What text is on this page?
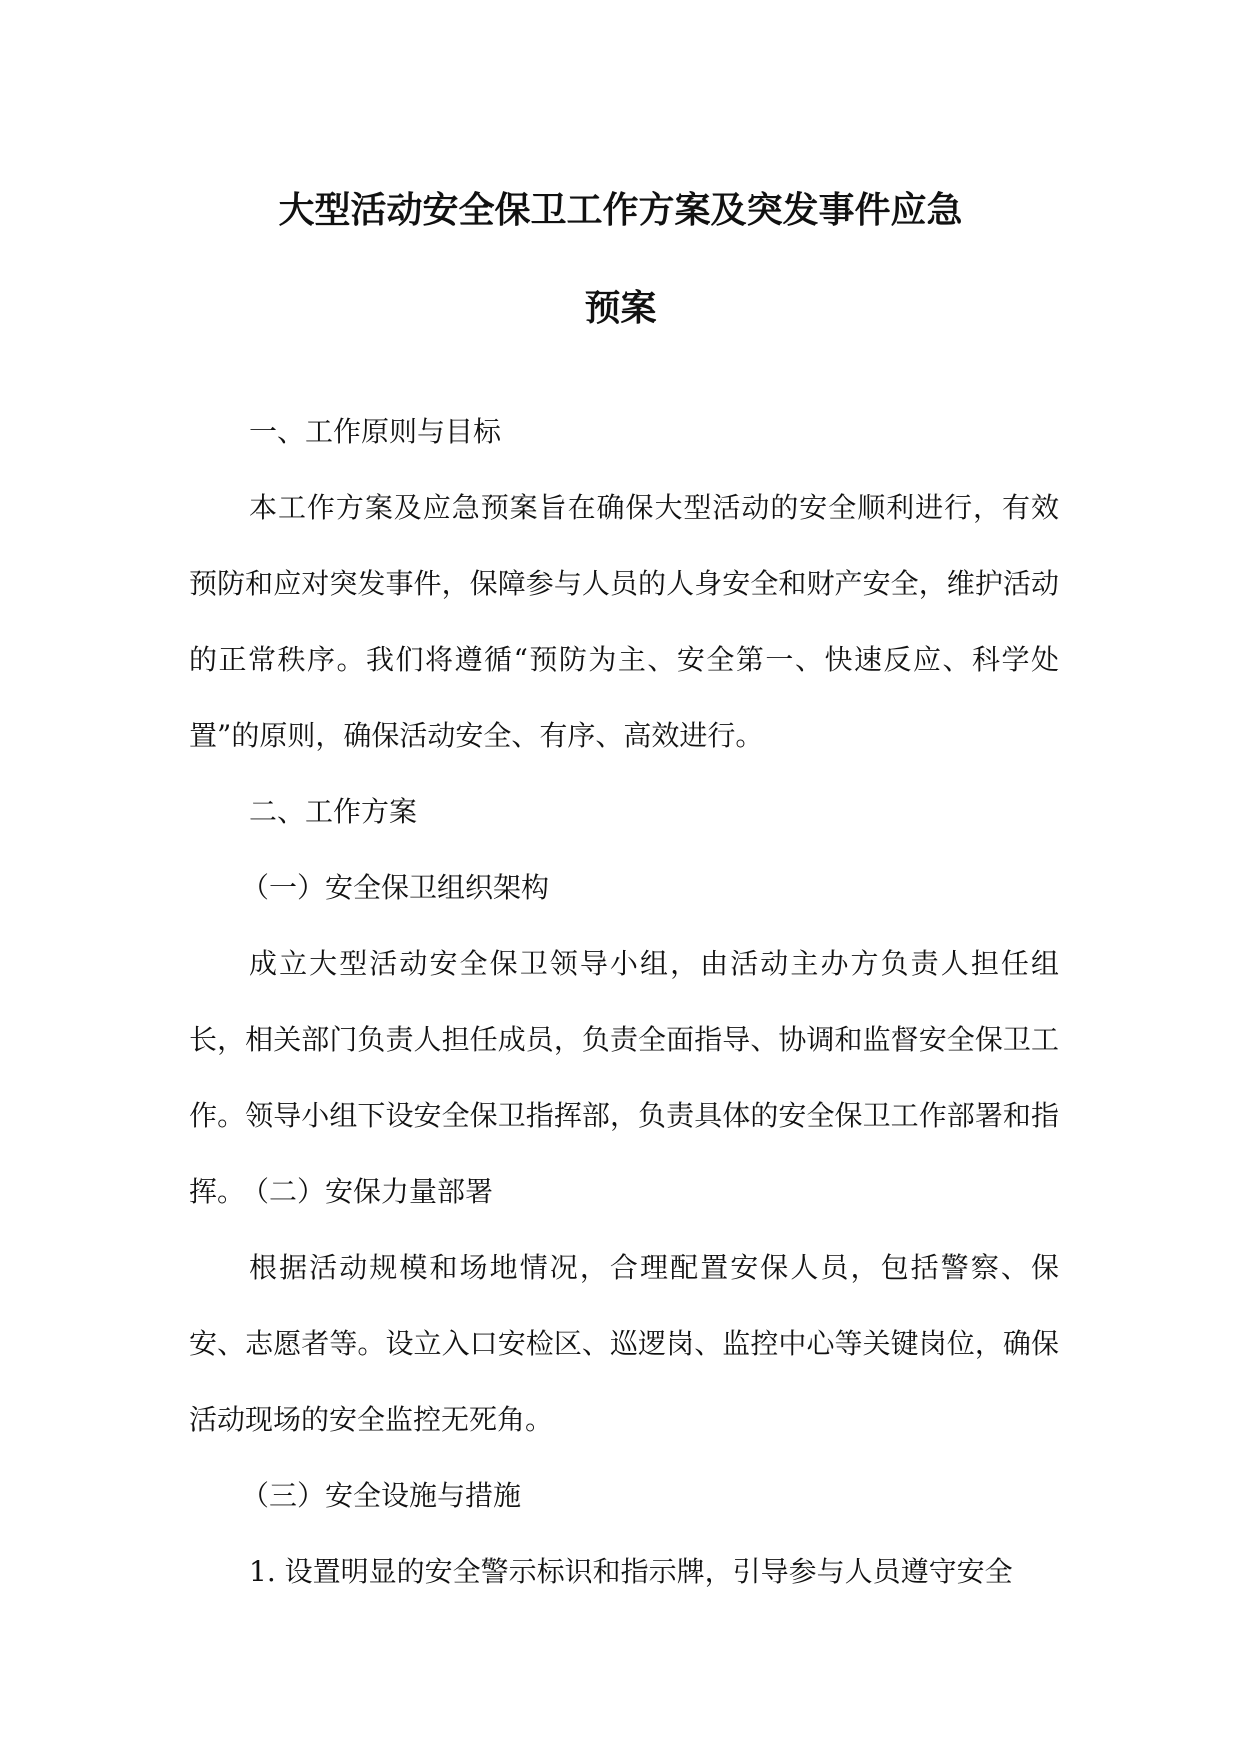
大型活动安全保卫工作方案及突发事件应急
预案

一、工作原则与目标

本工作方案及应急预案旨在确保大型活动的安全顺利进行，有效预防和应对突发事件，保障参与人员的人身安全和财产安全，维护活动的正常秩序。我们将遵循“预防为主、安全第一、快速反应、科学处置”的原则，确保活动安全、有序、高效进行。

二、工作方案

（一）安全保卫组织架构

成立大型活动安全保卫领导小组，由活动主办方负责人担任组长，相关部门负责人担任成员，负责全面指导、协调和监督安全保卫工作。领导小组下设安全保卫指挥部，负责具体的安全保卫工作部署和指挥。

（二）安保力量部署

根据活动规模和场地情况，合理配置安保人员，包括警察、保安、志愿者等。设立入口安检区、巡逻岗、监控中心等关键岗位，确保活动现场的安全监控无死角。

（三）安全设施与措施

1. 设置明显的安全警示标识和指示牌，引导参与人员遵守安全
